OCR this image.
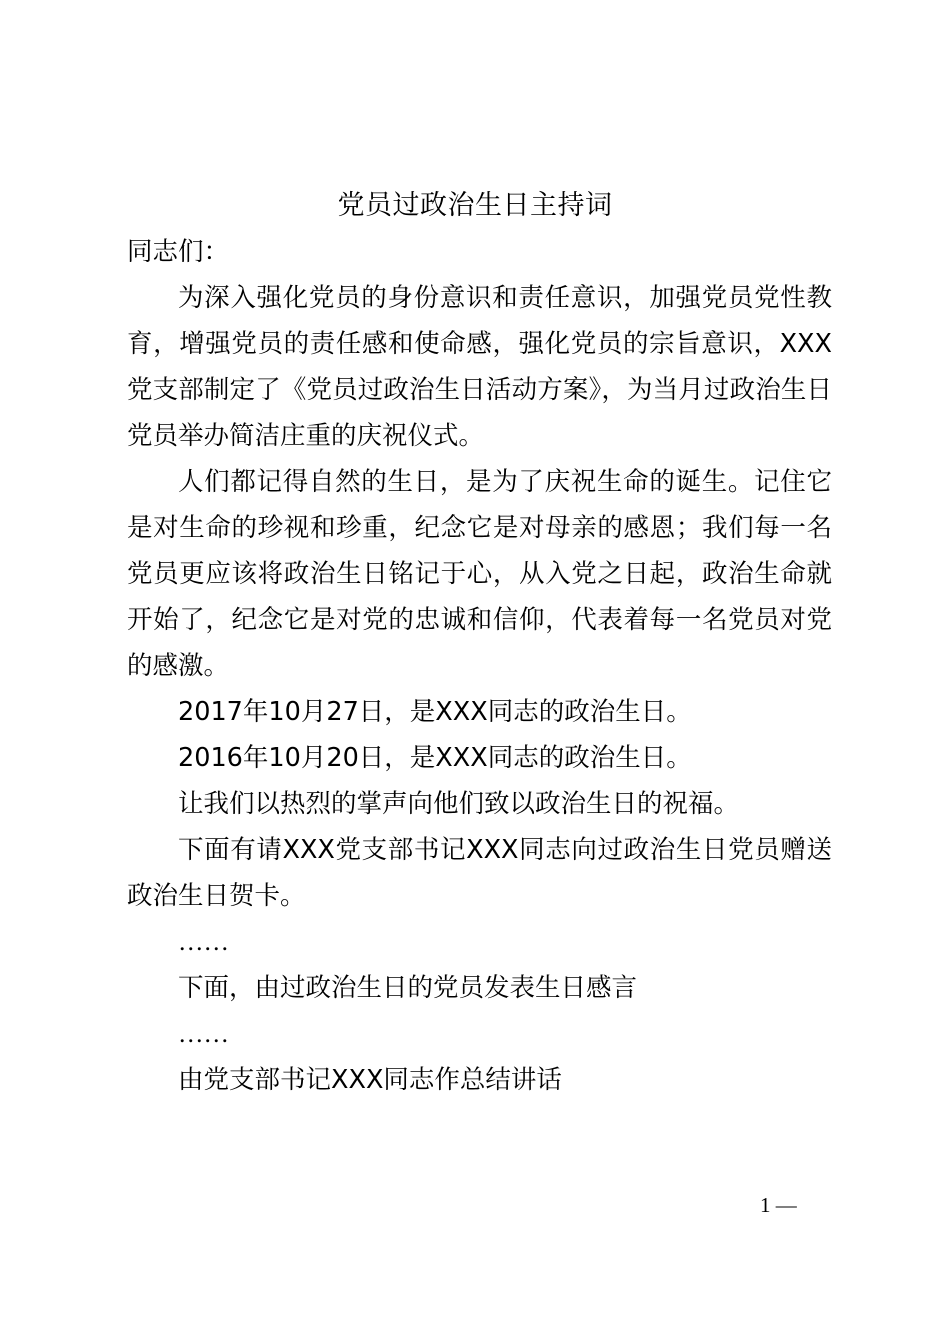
党员过政治生日主持词

同志们：

为深入强化党员的身份意识和责任意识，加强党员党性教育，增强党员的责任感和使命感，强化党员的宗旨意识，XXX党支部制定了《党员过政治生日活动方案》，为当月过政治生日党员举办简洁庄重的庆祝仪式。

人们都记得自然的生日，是为了庆祝生命的诞生。记住它是对生命的珍视和珍重，纪念它是对母亲的感恩；我们每一名党员更应该将政治生日铭记于心，从入党之日起，政治生命就开始了，纪念它是对党的忠诚和信仰，代表着每一名党员对党的感激。

2017年10月27日，是XXX同志的政治生日。

2016年10月20日，是XXX同志的政治生日。

让我们以热烈的掌声向他们致以政治生日的祝福。

下面有请XXX党支部书记XXX同志向过政治生日党员赠送政治生日贺卡。

……

下面，由过政治生日的党员发表生日感言

……

由党支部书记XXX同志作总结讲话

1 —
